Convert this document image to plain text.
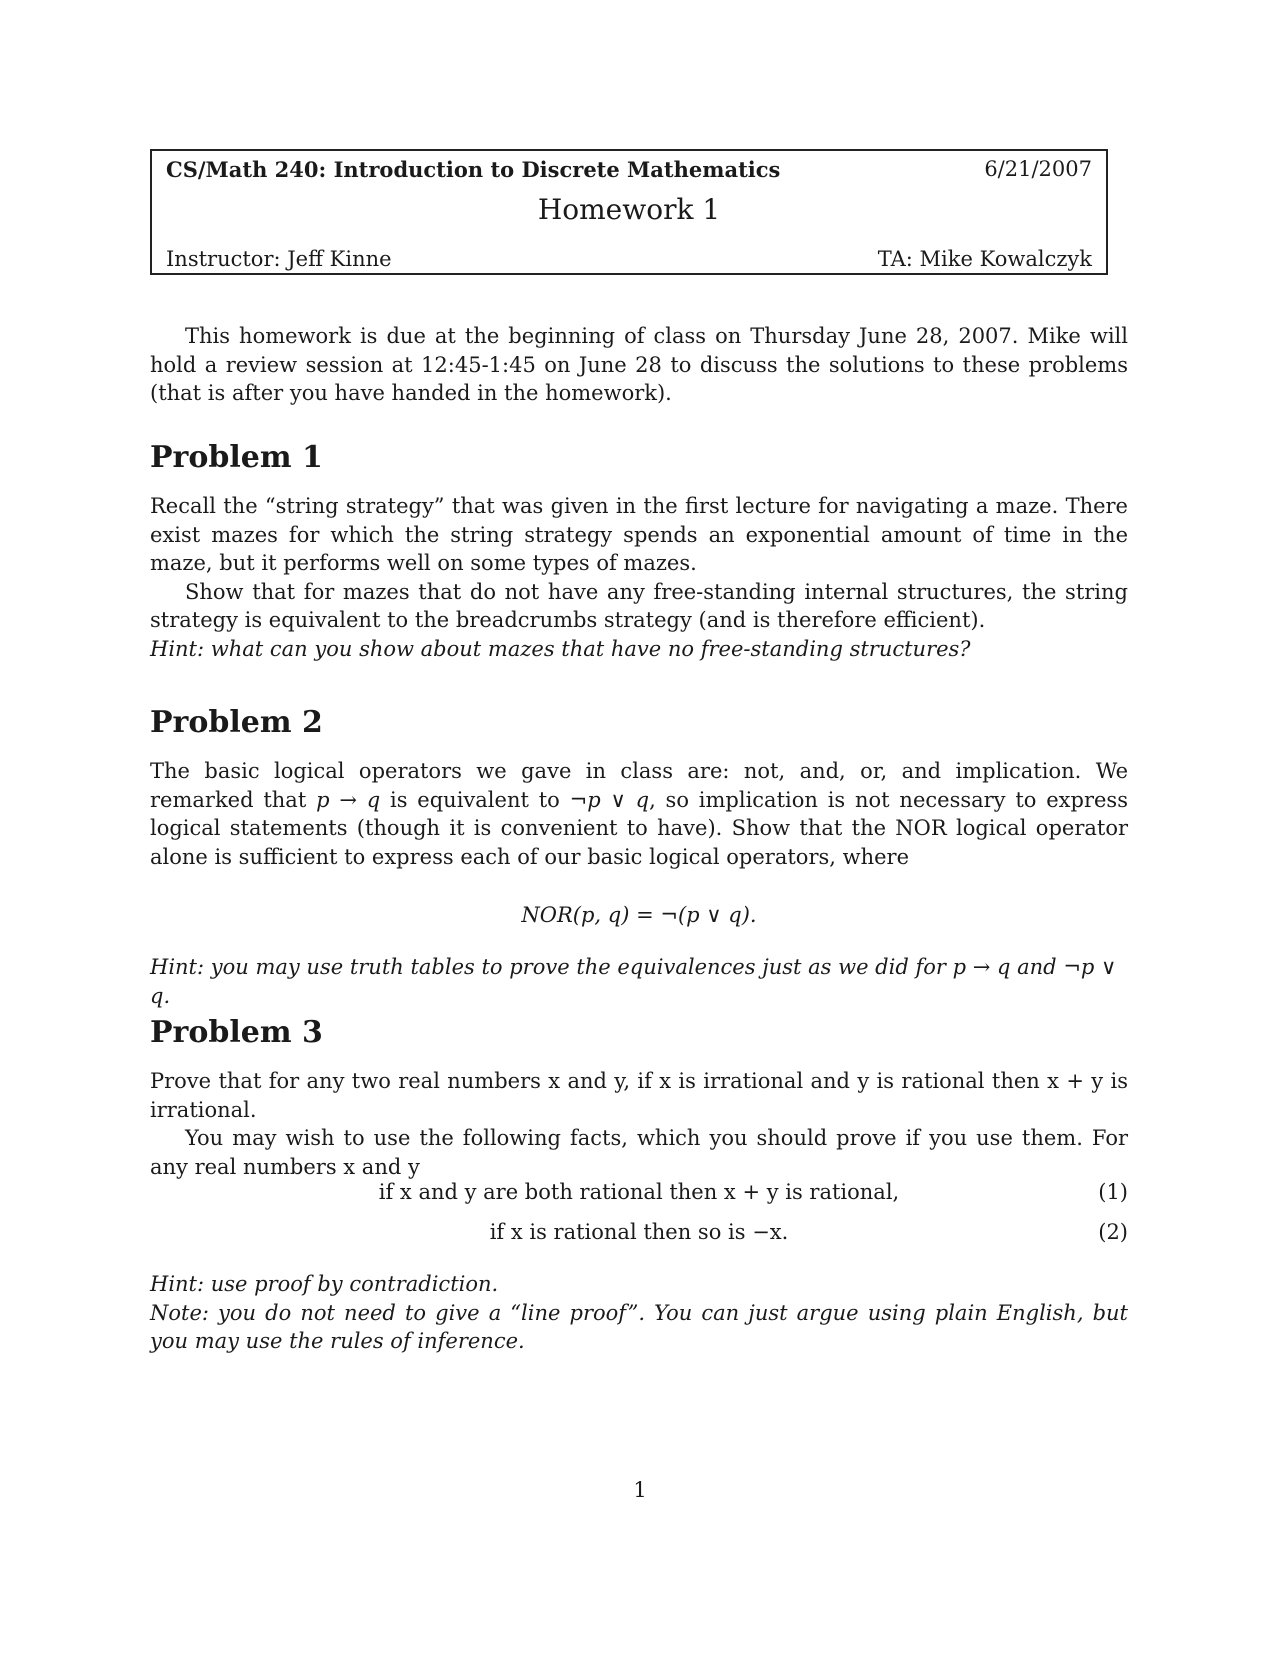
CS/Math 240: Introduction to Discrete Mathematics	6/21/2007
Homework 1
Instructor: Jeff Kinne	TA: Mike Kowalczyk

This homework is due at the beginning of class on Thursday June 28, 2007. Mike will hold a review session at 12:45-1:45 on June 28 to discuss the solutions to these problems (that is after you have handed in the homework).

Problem 1

Recall the “string strategy” that was given in the first lecture for navigating a maze. There exist mazes for which the string strategy spends an exponential amount of time in the maze, but it performs well on some types of mazes.

Show that for mazes that do not have any free-standing internal structures, the string strategy is equivalent to the breadcrumbs strategy (and is therefore efficient).

Hint: what can you show about mazes that have no free-standing structures?

Problem 2

The basic logical operators we gave in class are: not, and, or, and implication. We remarked that p → q is equivalent to ¬p ∨ q, so implication is not necessary to express logical statements (though it is convenient to have). Show that the NOR logical operator alone is sufficient to express each of our basic logical operators, where

NOR(p, q) = ¬(p ∨ q).

Hint: you may use truth tables to prove the equivalences just as we did for p → q and ¬p ∨ q.

Problem 3

Prove that for any two real numbers x and y, if x is irrational and y is rational then x + y is irrational.

You may wish to use the following facts, which you should prove if you use them. For any real numbers x and y

if x and y are both rational then x + y is rational,	(1)
if x is rational then so is −x.	(2)

Hint: use proof by contradiction.

Note: you do not need to give a “line proof”. You can just argue using plain English, but you may use the rules of inference.

1
